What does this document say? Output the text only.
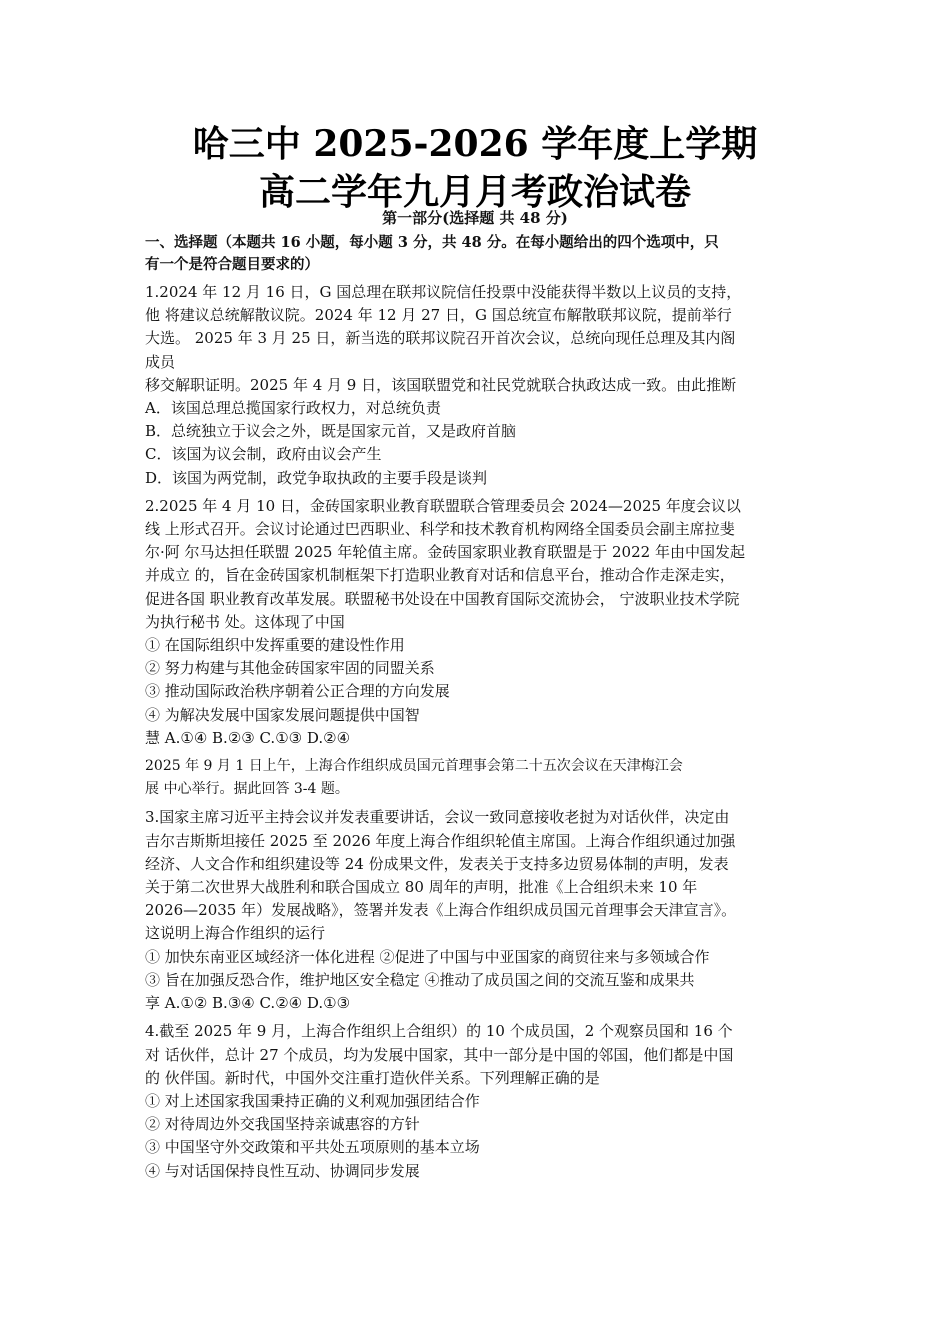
哈三中 2025-2026 学年度上学期
高二学年九月月考政治试卷
第一部分(选择题 共 48 分)

一、选择题（本题共 16 小题，每小题 3 分，共 48 分。在每小题给出的四个选项中，只

有一个是符合题目要求的）

1.2024 年 12 月 16 日，G 国总理在联邦议院信任投票中没能获得半数以上议员的支持，

他 将建议总统解散议院。2024 年 12 月 27 日，G 国总统宣布解散联邦议院，提前举行

大选。 2025 年 3 月 25 日，新当选的联邦议院召开首次会议，总统向现任总理及其内阁

成员

移交解职证明。2025 年 4 月 9 日，该国联盟党和社民党就联合执政达成一致。由此推断

A．该国总理总揽国家行政权力，对总统负责

B．总统独立于议会之外，既是国家元首，又是政府首脑

C．该国为议会制，政府由议会产生

D．该国为两党制，政党争取执政的主要手段是谈判

2.2025 年 4 月 10 日，金砖国家职业教育联盟联合管理委员会 2024—2025 年度会议以

线 上形式召开。会议讨论通过巴西职业、科学和技术教育机构网络全国委员会副主席拉斐

尔·阿 尔马达担任联盟 2025 年轮值主席。金砖国家职业教育联盟是于 2022 年由中国发起

并成立 的，旨在金砖国家机制框架下打造职业教育对话和信息平台，推动合作走深走实，

促进各国 职业教育改革发展。联盟秘书处设在中国教育国际交流协会， 宁波职业技术学院

为执行秘书 处。这体现了中国

① 在国际组织中发挥重要的建设性作用

② 努力构建与其他金砖国家牢固的同盟关系

③ 推动国际政治秩序朝着公正合理的方向发展

④ 为解决发展中国家发展问题提供中国智

慧 A.①④ B.②③ C.①③ D.②④

2025 年 9 月 1 日上午，上海合作组织成员国元首理事会第二十五次会议在天津梅江会

展 中心举行。据此回答 3-4 题。

3.国家主席习近平主持会议并发表重要讲话，会议一致同意接收老挝为对话伙伴，决定由

吉尔吉斯斯坦接任 2025 至 2026 年度上海合作组织轮值主席国。上海合作组织通过加强

经济、人文合作和组织建设等 24 份成果文件，发表关于支持多边贸易体制的声明，发表

关于第二次世界大战胜利和联合国成立 80 周年的声明，批准《上合组织未来 10 年

2026—2035 年）发展战略》，签署并发表《上海合作组织成员国元首理事会天津宣言》。

这说明上海合作组织的运行

① 加快东南亚区域经济一体化进程 ②促进了中国与中亚国家的商贸往来与多领域合作

③ 旨在加强反恐合作，维护地区安全稳定 ④推动了成员国之间的交流互鉴和成果共

享 A.①② B.③④ C.②④ D.①③

4.截至 2025 年 9 月，上海合作组织上合组织）的 10 个成员国，2 个观察员国和 16 个

对 话伙伴，总计 27 个成员，均为发展中国家，其中一部分是中国的邻国，他们都是中国

的 伙伴国。新时代，中国外交注重打造伙伴关系。下列理解正确的是

① 对上述国家我国秉持正确的义利观加强团结合作

② 对待周边外交我国坚持亲诚惠容的方针

③ 中国坚守外交政策和平共处五项原则的基本立场

④ 与对话国保持良性互动、协调同步发展
